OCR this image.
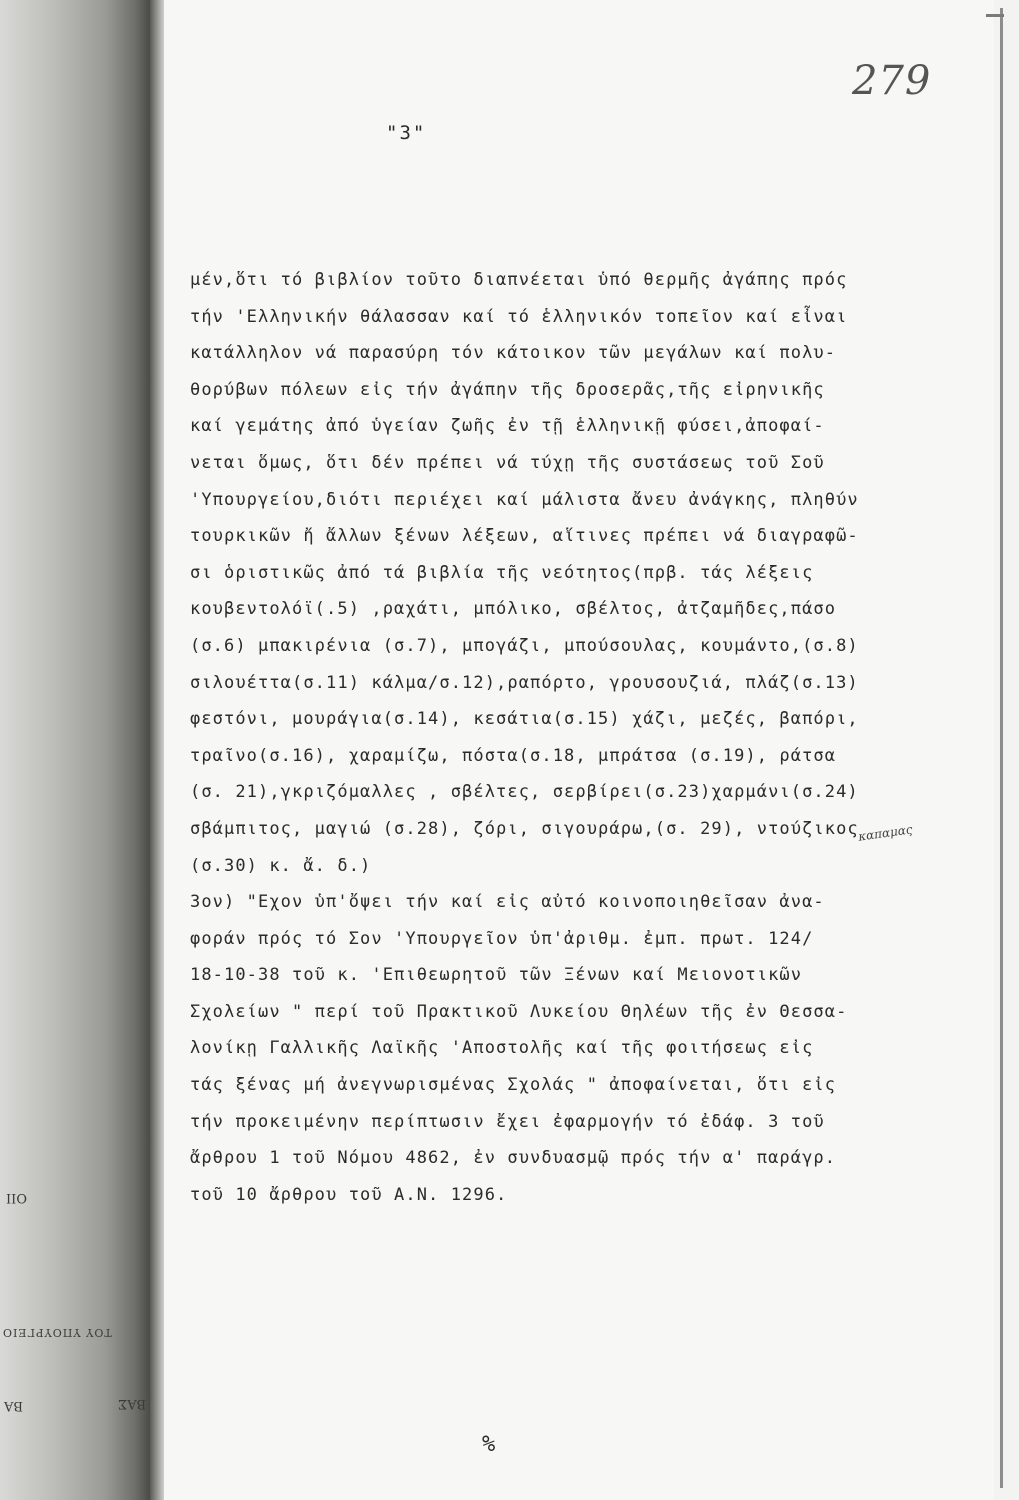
ΒΑ	ΒΑΣ
ΟΙΙ
ΤΟΥ ΥΠΟΥΡΓΕΙΟ
279
"3"
μέν,ὅτι τό βιβλίον τοῦτο διαπνέεται ὑπό θερμῆς ἀγάπης πρός
τήν 'Ελληνικήν θάλασσαν καί τό ἑλληνικόν τοπεῖον καί εἶναι
κατάλληλον νά παρασύρη τόν κάτοικον τῶν μεγάλων καί πολυ-
θορύβων πόλεων εἰς τήν ἀγάπην τῆς δροσερᾶς,τῆς εἰρηνικῆς
καί γεμάτης ἀπό ὑγείαν ζωῆς ἐν τῇ ἑλληνικῇ φύσει,ἀποφαί-
νεται ὅμως, ὅτι δέν πρέπει νά τύχῃ τῆς συστάσεως τοῦ Σοῦ
'Υπουργείου,διότι περιέχει καί μάλιστα ἄνευ ἀνάγκης, πληθύν
τουρκικῶν ἤ ἄλλων ξένων λέξεων, αἵτινες πρέπει νά διαγραφῶ-
σι ὁριστικῶς ἀπό τά βιβλία τῆς νεότητος(πρβ. τάς λέξεις
κουβεντολόϊ(.5) ,ραχάτι, μπόλικο, σβέλτος, ἀτζαμῆδες,πάσο
(σ.6) μπακιρένια (σ.7), μπογάζι, μπούσουλας, κουμάντο,(σ.8)
σιλουέττα(σ.11) κάλμα/σ.12),ραπόρτο, γρουσουζιά, πλάζ(σ.13)
φεστόνι, μουράγια(σ.14), κεσάτια(σ.15) χάζι, μεζές, βαπόρι,
τραῖνο(σ.16), χαραμίζω, πόστα(σ.18, μπράτσα (σ.19), ράτσα
(σ. 21),γκριζόμαλλες , σβέλτες, σερβίρει(σ.23)χαρμάνι(σ.24)
σβάμπιτος, μαγιώ (σ.28), ζόρι, σιγουράρω,(σ. 29), ντούζικος
(σ.30) κ. ἄ. δ.)
3ον) "Εχον ὑπ'ὄψει τήν καί εἰς αὐτό κοινοποιηθεῖσαν ἀνα-
φοράν πρός τό Σον 'Υπουργεῖον ὑπ'ἀριθμ. ἐμπ. πρωτ. 124/
18-10-38 τοῦ κ. 'Επιθεωρητοῦ τῶν Ξένων καί Μειονοτικῶν
Σχολείων " περί τοῦ Πρακτικοῦ Λυκείου Θηλέων τῆς ἐν Θεσσα-
λονίκῃ Γαλλικῆς Λαϊκῆς 'Αποστολῆς καί τῆς φοιτήσεως εἰς
τάς ξένας μή ἀνεγνωρισμένας Σχολάς " ἀποφαίνεται, ὅτι εἰς
τήν προκειμένην περίπτωσιν ἔχει ἐφαρμογήν τό ἐδάφ. 3 τοῦ
ἄρθρου 1 τοῦ Νόμου 4862, ἐν συνδυασμῷ πρός τήν α' παράγρ.
τοῦ 10 ἄρθρου τοῦ Α.Ν. 1296.
καπαμας
%
